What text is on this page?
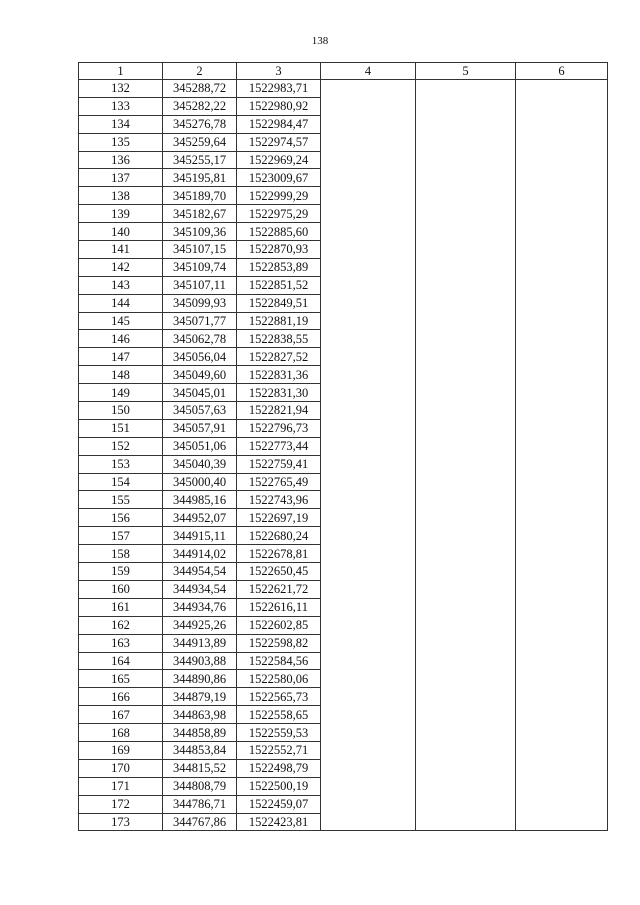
138
1	2	3	4	5	6
132	345288,72	1522983,71			
133	345282,22	1522980,92			
134	345276,78	1522984,47			
135	345259,64	1522974,57			
136	345255,17	1522969,24			
137	345195,81	1523009,67			
138	345189,70	1522999,29			
139	345182,67	1522975,29			
140	345109,36	1522885,60			
141	345107,15	1522870,93			
142	345109,74	1522853,89			
143	345107,11	1522851,52			
144	345099,93	1522849,51			
145	345071,77	1522881,19			
146	345062,78	1522838,55			
147	345056,04	1522827,52			
148	345049,60	1522831,36			
149	345045,01	1522831,30			
150	345057,63	1522821,94			
151	345057,91	1522796,73			
152	345051,06	1522773,44			
153	345040,39	1522759,41			
154	345000,40	1522765,49			
155	344985,16	1522743,96			
156	344952,07	1522697,19			
157	344915,11	1522680,24			
158	344914,02	1522678,81			
159	344954,54	1522650,45			
160	344934,54	1522621,72			
161	344934,76	1522616,11			
162	344925,26	1522602,85			
163	344913,89	1522598,82			
164	344903,88	1522584,56			
165	344890,86	1522580,06			
166	344879,19	1522565,73			
167	344863,98	1522558,65			
168	344858,89	1522559,53			
169	344853,84	1522552,71			
170	344815,52	1522498,79			
171	344808,79	1522500,19			
172	344786,71	1522459,07			
173	344767,86	1522423,81			
